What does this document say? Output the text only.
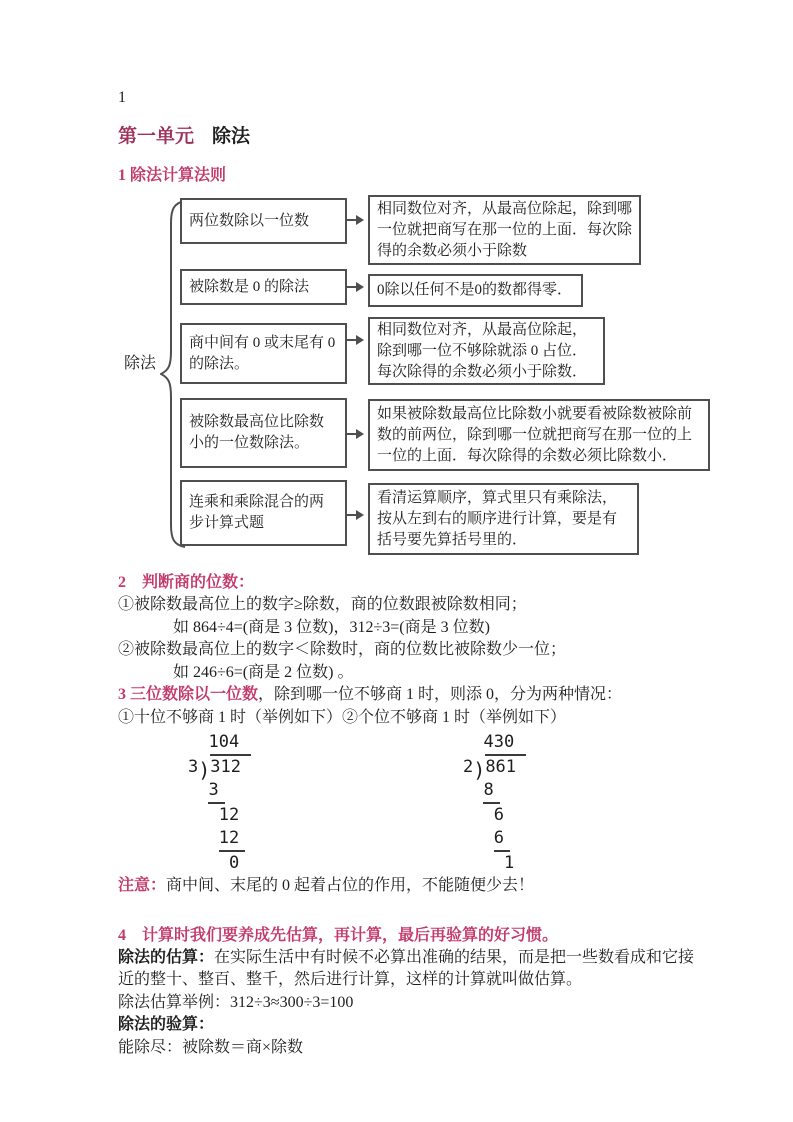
1
第一单元 除法
1 除法计算法则
除法
两位数除以一位数
被除数是 0 的除法
商中间有 0 或末尾有 0 的除法。
被除数最高位比除数小的一位数除法。
连乘和乘除混合的两步计算式题
相同数位对齐，从最高位除起，除到哪一位就把商写在那一位的上面．每次除得的余数必须小于除数
0除以任何不是0的数都得零．
相同数位对齐，从最高位除起，除到哪一位不够除就添 0 占位．每次除得的余数必须小于除数．
如果被除数最高位比除数小就要看被除数被除前数的前两位，除到哪一位就把商写在那一位的上一位的上面．每次除得的余数必须比除数小．
看清运算顺序，算式里只有乘除法，按从左到右的顺序进行计算，要是有括号要先算括号里的．
2　判断商的位数：

①被除数最高位上的数字≥除数，商的位数跟被除数相同；

如 864÷4=(商是 3 位数)，312÷3=(商是 3 位数)

②被除数最高位上的数字＜除数时，商的位数比被除数少一位；

如 246÷6=(商是 2 位数) 。

3 三位数除以一位数，除到哪一位不够商 1 时，则添 0，分为两种情况：

①十位不够商 1 时（举例如下）②个位不够商 1 时（举例如下）

104
3 ) 312
3
12
12
0
430
2 ) 861
8
6
6
1

注意：商中间、末尾的 0 起着占位的作用，不能随便少去！

4　计算时我们要养成先估算，再计算，最后再验算的好习惯。

除法的估算：在实际生活中有时候不必算出准确的结果，而是把一些数看成和它接近的整十、整百、整千，然后进行计算，这样的计算就叫做估算。

除法估算举例：312÷3≈300÷3=100

除法的验算：

能除尽：被除数＝商×除数
